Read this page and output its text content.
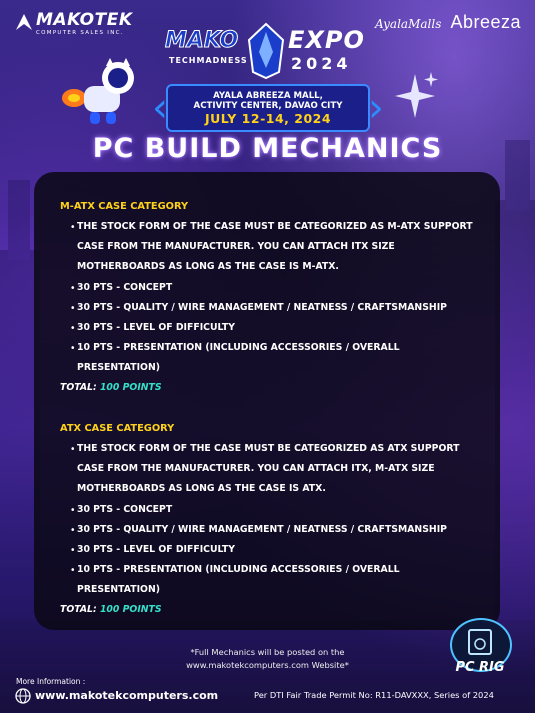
MAKOTEK
COMPUTER SALES INC.
AyalaMalls Abreeza
MAKO
TECHMADNESS
EXPO
2024
‹	›
AYALA ABREEZA MALL,
ACTIVITY CENTER, DAVAO CITY
JULY 12-14, 2024
PC BUILD MECHANICS
M-ATX CASE CATEGORY
• THE STOCK FORM OF THE CASE MUST BE CATEGORIZED AS M-ATX SUPPORT
CASE FROM THE MANUFACTURER. YOU CAN ATTACH ITX SIZE
MOTHERBOARDS AS LONG AS THE CASE IS M-ATX.
• 30 PTS - CONCEPT
• 30 PTS - QUALITY / WIRE MANAGEMENT / NEATNESS / CRAFTSMANSHIP
• 30 PTS - LEVEL OF DIFFICULTY
• 10 PTS - PRESENTATION (INCLUDING ACCESSORIES / OVERALL
PRESENTATION)
TOTAL: 100 POINTS
ATX CASE CATEGORY
• THE STOCK FORM OF THE CASE MUST BE CATEGORIZED AS ATX SUPPORT
CASE FROM THE MANUFACTURER. YOU CAN ATTACH ITX, M-ATX SIZE
MOTHERBOARDS AS LONG AS THE CASE IS ATX.
• 30 PTS - CONCEPT
• 30 PTS - QUALITY / WIRE MANAGEMENT / NEATNESS / CRAFTSMANSHIP
• 30 PTS - LEVEL OF DIFFICULTY
• 10 PTS - PRESENTATION (INCLUDING ACCESSORIES / OVERALL
PRESENTATION)
TOTAL: 100 POINTS
*Full Mechanics will be posted on the
www.makotekcomputers.com Website*	PC RIG
More Information :
www.makotekcomputers.com	Per DTI Fair Trade Permit No: R11-DAVXXX, Series of 2024
